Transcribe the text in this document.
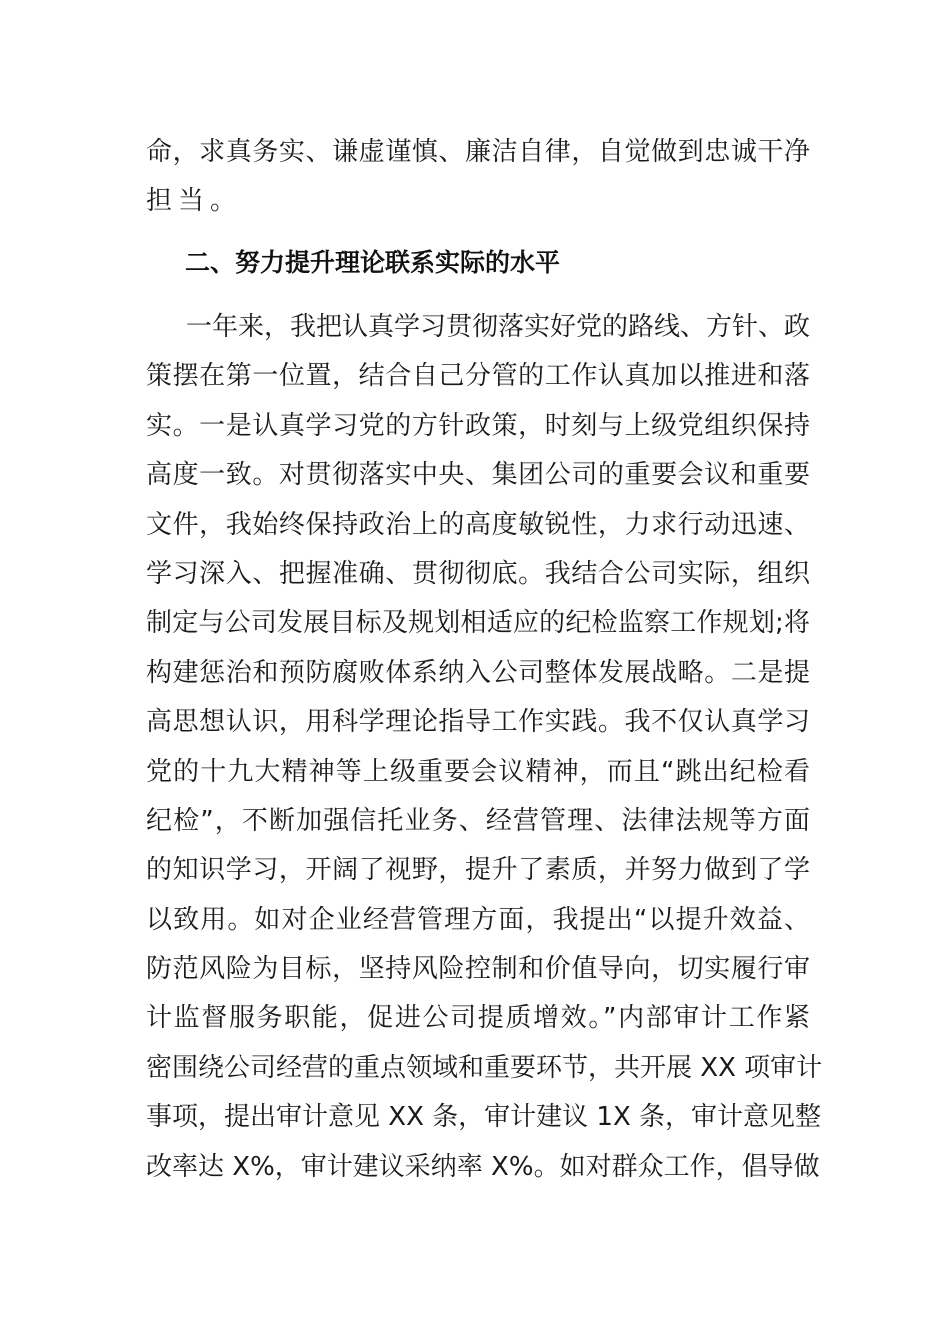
命，求真务实、谦虚谨慎、廉洁自律，自觉做到忠诚干净
担当。
二、努力提升理论联系实际的水平
一年来，我把认真学习贯彻落实好党的路线、方针、政
策摆在第一位置，结合自己分管的工作认真加以推进和落
实。一是认真学习党的方针政策，时刻与上级党组织保持
高度一致。对贯彻落实中央、集团公司的重要会议和重要
文件，我始终保持政治上的高度敏锐性，力求行动迅速、
学习深入、把握准确、贯彻彻底。我结合公司实际，组织
制定与公司发展目标及规划相适应的纪检监察工作规划;将
构建惩治和预防腐败体系纳入公司整体发展战略。二是提
高思想认识，用科学理论指导工作实践。我不仅认真学习
党的十九大精神等上级重要会议精神，而且“跳出纪检看
纪检”，不断加强信托业务、经营管理、法律法规等方面
的知识学习，开阔了视野，提升了素质，并努力做到了学
以致用。如对企业经营管理方面，我提出“以提升效益、
防范风险为目标，坚持风险控制和价值导向，切实履行审
计监督服务职能，促进公司提质增效。”内部审计工作紧
密围绕公司经营的重点领域和重要环节，共开展 XX 项审计
事项，提出审计意见 XX 条，审计建议 1X 条，审计意见整
改率达 X%，审计建议采纳率 X%。如对群众工作，倡导做
